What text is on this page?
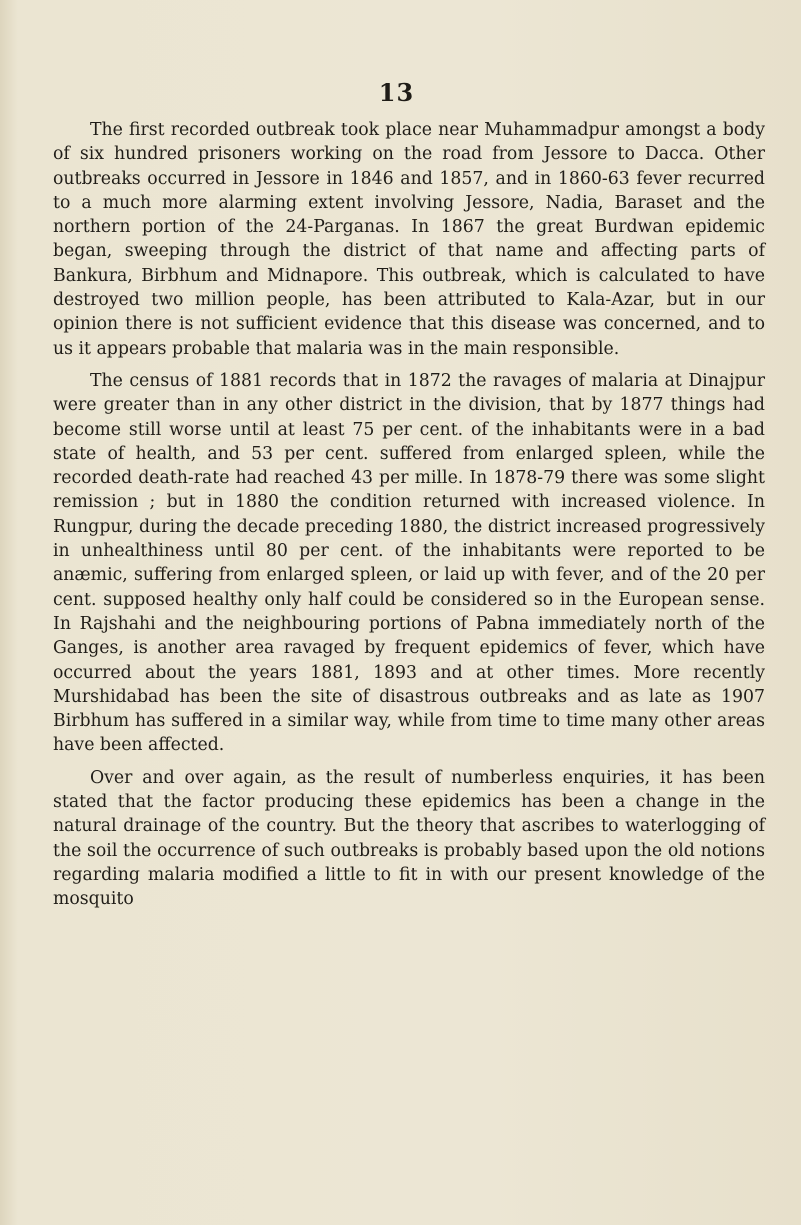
13

The first recorded outbreak took place near Muhammadpur amongst a body of six hundred prisoners working on the road from Jessore to Dacca. Other outbreaks occurred in Jessore in 1846 and 1857, and in 1860-63 fever recurred to a much more alarming extent involving Jessore, Nadia, Baraset and the northern portion of the 24-Parganas. In 1867 the great Burdwan epidemic began, sweeping through the district of that name and affecting parts of Bankura, Birbhum and Midnapore. This outbreak, which is calculated to have destroyed two million people, has been attributed to Kala-Azar, but in our opinion there is not sufficient evidence that this disease was concerned, and to us it appears probable that malaria was in the main responsible.

The census of 1881 records that in 1872 the ravages of malaria at Dinajpur were greater than in any other district in the division, that by 1877 things had become still worse until at least 75 per cent. of the inhabitants were in a bad state of health, and 53 per cent. suffered from enlarged spleen, while the recorded death-rate had reached 43 per mille. In 1878-79 there was some slight remission ; but in 1880 the condition returned with increased violence. In Rungpur, during the decade preceding 1880, the district increased progressively in unhealthiness until 80 per cent. of the inhabitants were reported to be anæmic, suffering from enlarged spleen, or laid up with fever, and of the 20 per cent. supposed healthy only half could be considered so in the European sense. In Rajshahi and the neighbouring portions of Pabna immediately north of the Ganges, is another area ravaged by frequent epidemics of fever, which have occurred about the years 1881, 1893 and at other times. More recently Murshidabad has been the site of disastrous outbreaks and as late as 1907 Birbhum has suffered in a similar way, while from time to time many other areas have been affected.

Over and over again, as the result of numberless enquiries, it has been stated that the factor producing these epidemics has been a change in the natural drainage of the country. But the theory that ascribes to waterlogging of the soil the occurrence of such outbreaks is probably based upon the old notions regarding malaria modified a little to fit in with our present knowledge of the mosquito
